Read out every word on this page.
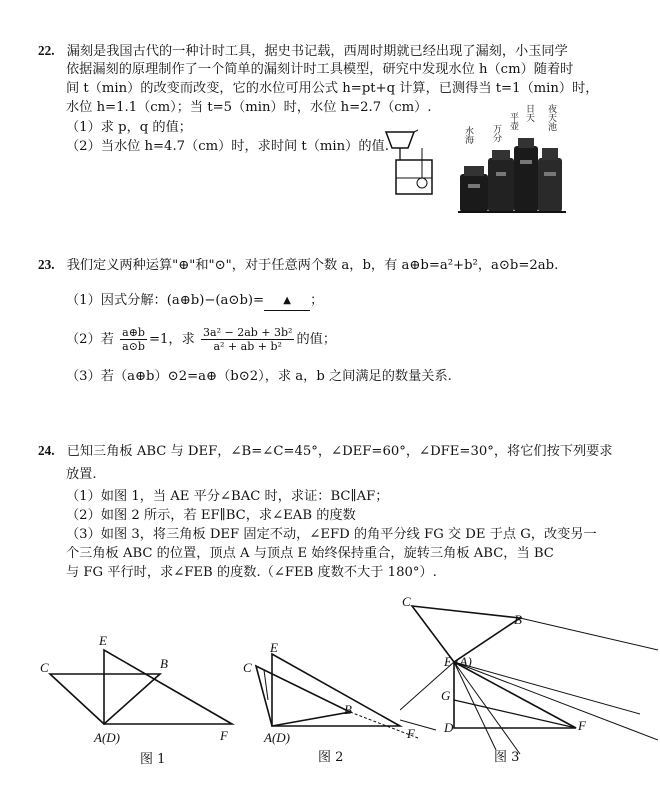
22. 漏刻是我国古代的一种计时工具，据史书记载，西周时期就已经出现了漏刻，小玉同学
依据漏刻的原理制作了一个简单的漏刻计时工具模型，研究中发现水位 h（cm）随着时
间 t（min）的改变而改变，它的水位可用公式 h=pt+q 计算，已测得当 t=1（min）时，
水位 h=1.1（cm）；当 t=5（min）时，水位 h=2.7（cm）.
（1）求 p，q 的值；
（2）当水位 h=4.7（cm）时，求时间 t（min）的值.
水海 万分
平壶 日天 夜天池
23. 我们定义两种运算"⊕"和"⊙"，对于任意两个数 a，b，有 a⊕b=a²+b²，a⊙b=2ab.
（1）因式分解：(a⊕b)−(a⊙b)= ▲ ；
（2）若 $\frac{a\oplus b}{a⊙b} =1$，求 $\frac{\text{3a² − 2ab + 3b²}}{\text{a² + ab + b²}}$ 的值；
（3）若（a⊕b）⊙2=a⊕（b⊙2），求 a，b 之间满足的数量关系.
24. 已知三角板 ABC 与 DEF，∠B=∠C=45°，∠DEF=60°，∠DFE=30°，将它们按下列要求
放置.
（1）如图 1，当 AE 平分∠BAC 时，求证：BC∥AF；
（2）如图 2 所示，若 EF∥BC，求∠EAB 的度数
（3）如图 3，将三角板 DEF 固定不动，∠EFD 的角平分线 FG 交 DE 于点 G，改变另一
个三角板 ABC 的位置，顶点 A 与顶点 E 始终保持重合，旋转三角板 ABC，当 BC
与 FG 平行时，求∠FEB 的度数.（∠FEB 度数不大于 180°）.
E
C	B
A(D)	F
图 1
E
C
B
A(D)	F
图 2
C
B
E (A)
G
D	F
图 3
